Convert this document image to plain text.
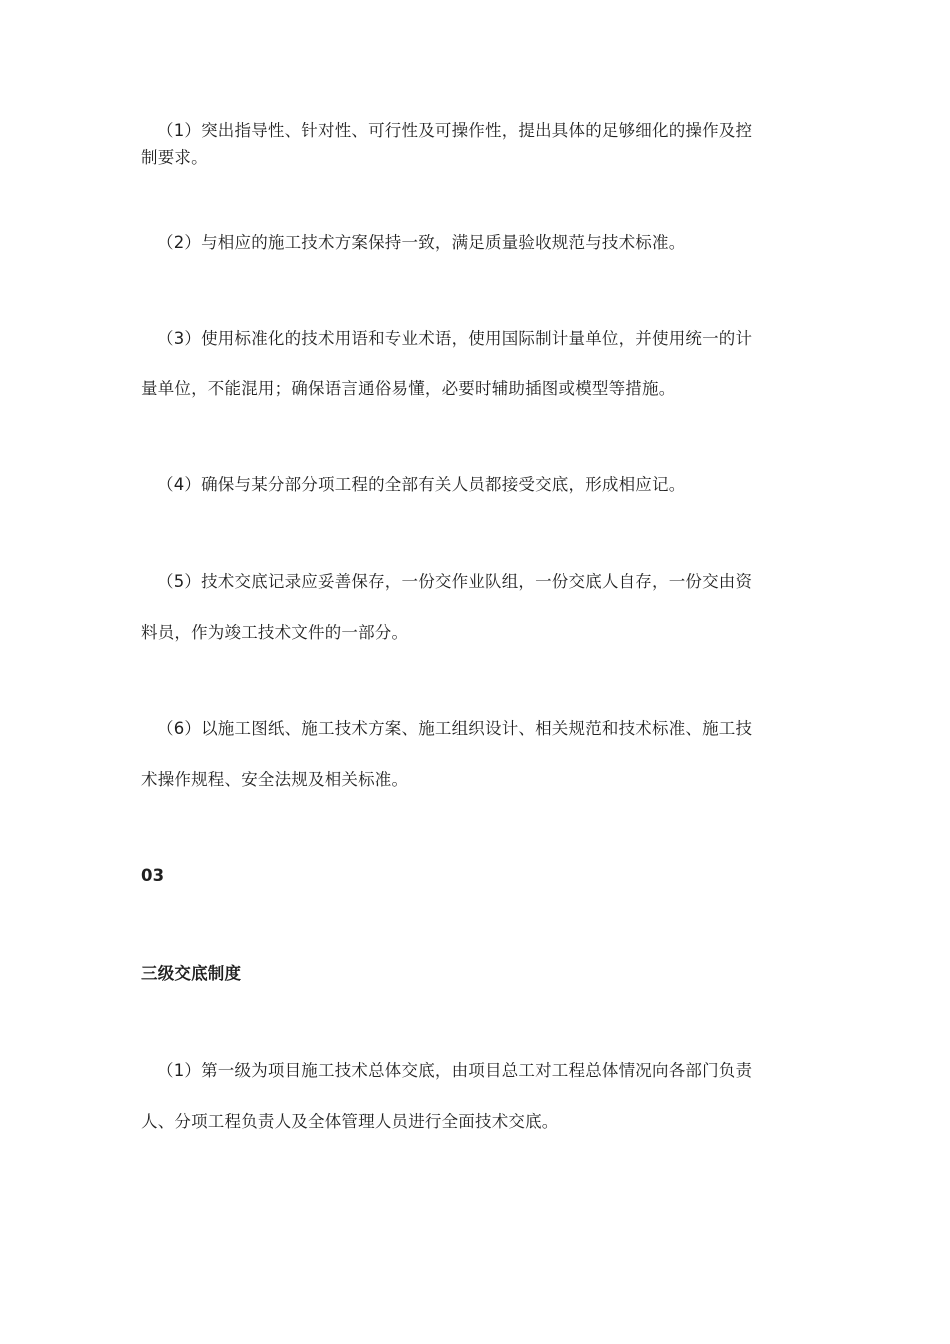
（1）突出指导性、针对性、可行性及可操作性，提出具体的足够细化的操作及控
制要求。
（2）与相应的施工技术方案保持一致，满足质量验收规范与技术标准。
（3）使用标准化的技术用语和专业术语，使用国际制计量单位，并使用统一的计
量单位，不能混用；确保语言通俗易懂，必要时辅助插图或模型等措施。
（4）确保与某分部分项工程的全部有关人员都接受交底，形成相应记。
（5）技术交底记录应妥善保存，一份交作业队组，一份交底人自存，一份交由资
料员，作为竣工技术文件的一部分。
（6）以施工图纸、施工技术方案、施工组织设计、相关规范和技术标准、施工技
术操作规程、安全法规及相关标准。
03
三级交底制度
（1）第一级为项目施工技术总体交底，由项目总工对工程总体情况向各部门负责
人、分项工程负责人及全体管理人员进行全面技术交底。
